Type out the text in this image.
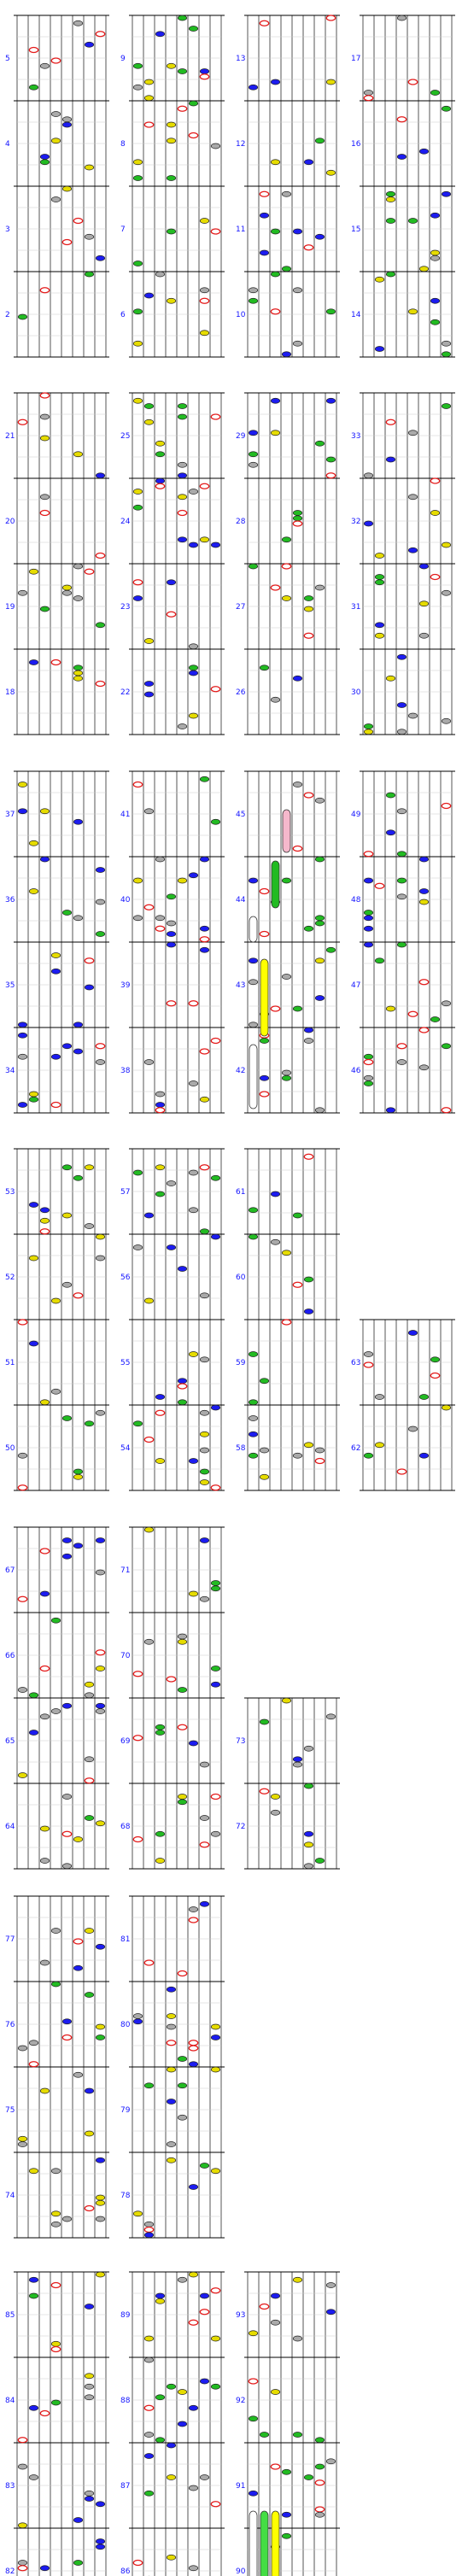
2
3
4
5
6
7
8
9
10
11
12
13
14
15
16
17
18
19
20
21
22
23
24
25
26
27
28
29
30
31
32
33
34
35
36
37
38
39
40
41
42
43
44
45
46
47
48
49
50
51
52
53
54
55
56
57
58
59
60
61
62
63
64
65
66
67
68
69
70
71
72
73
74
75
76
77
78
79
80
81
82
83
84
85
86
87
88
89
90
91
92
93
